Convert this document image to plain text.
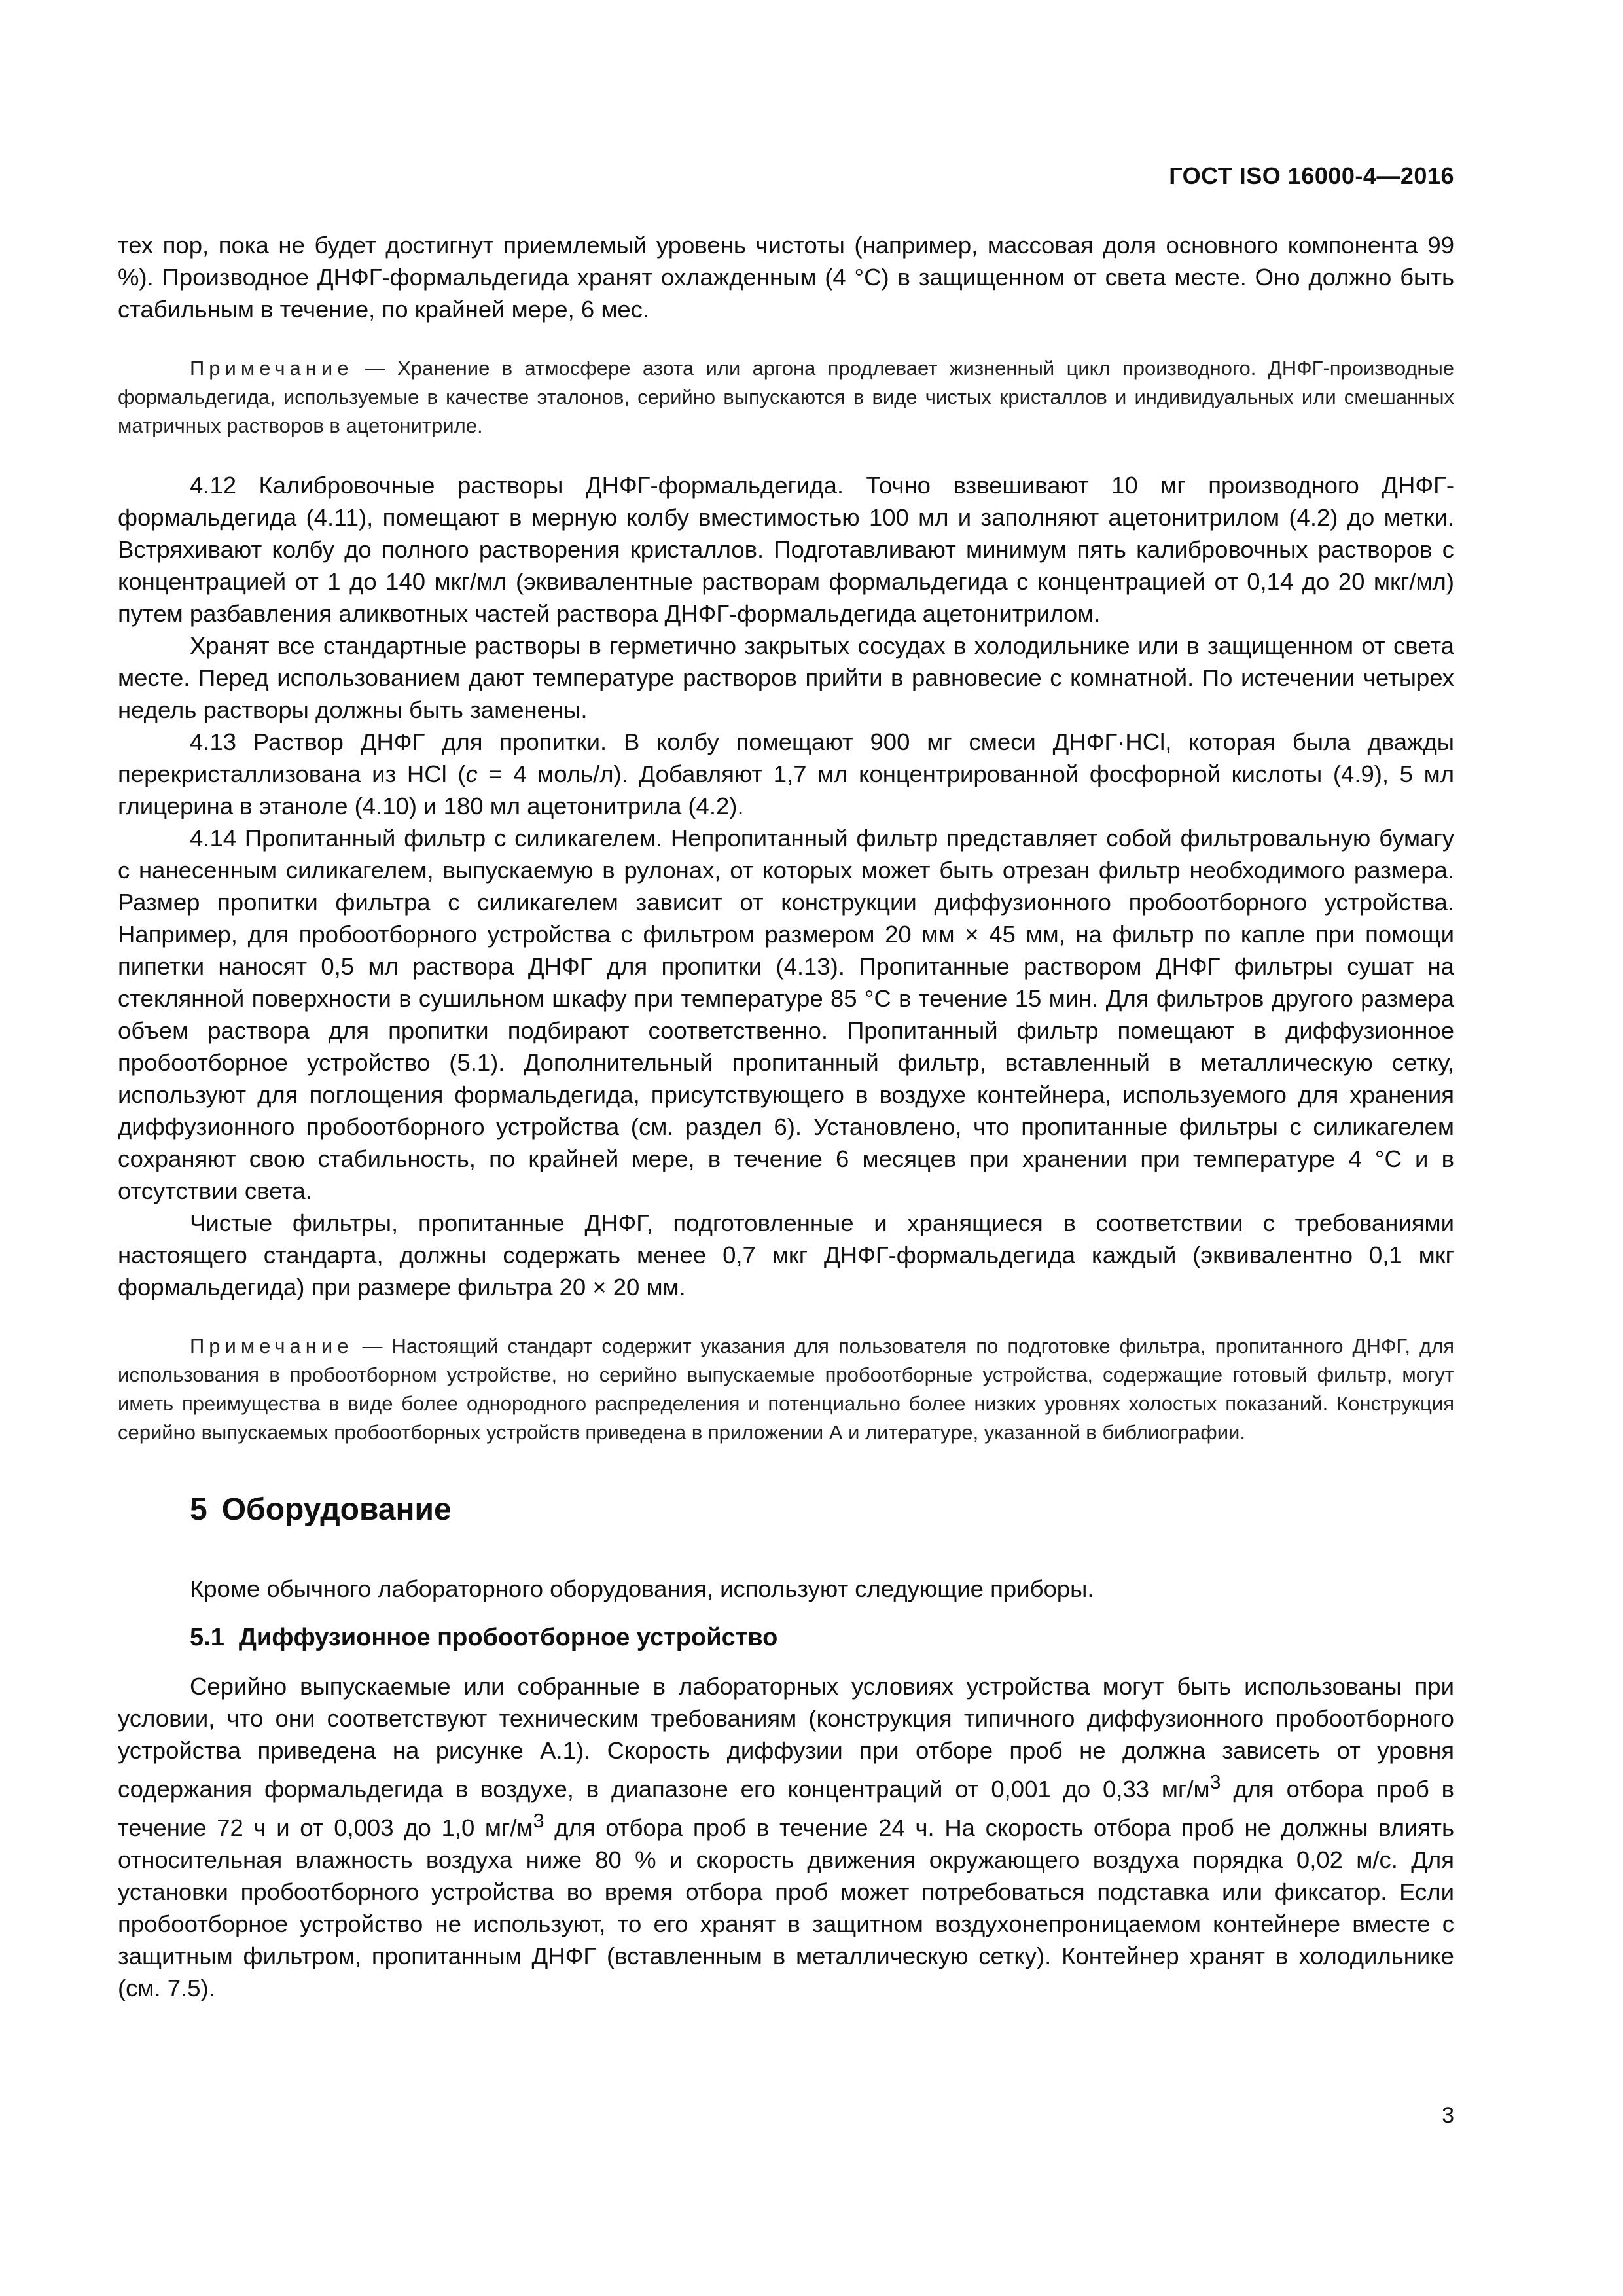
ГОСТ ISO 16000-4—2016

тех пор, пока не будет достигнут приемлемый уровень чистоты (например, массовая доля основного компонента 99 %). Производное ДНФГ-формальдегида хранят охлажденным (4 °С) в защищенном от света месте. Оно должно быть стабильным в течение, по крайней мере, 6 мес.

Примечание — Хранение в атмосфере азота или аргона продлевает жизненный цикл производного. ДНФГ-производные формальдегида, используемые в качестве эталонов, серийно выпускаются в виде чистых кристаллов и индивидуальных или смешанных матричных растворов в ацетонитриле.

4.12 Калибровочные растворы ДНФГ-формальдегида. Точно взвешивают 10 мг производного ДНФГ-формальдегида (4.11), помещают в мерную колбу вместимостью 100 мл и заполняют ацетонитрилом (4.2) до метки. Встряхивают колбу до полного растворения кристаллов. Подготавливают минимум пять калибровочных растворов с концентрацией от 1 до 140 мкг/мл (эквивалентные растворам формальдегида с концентрацией от 0,14 до 20 мкг/мл) путем разбавления аликвотных частей раствора ДНФГ-формальдегида ацетонитрилом.

Хранят все стандартные растворы в герметично закрытых сосудах в холодильнике или в защищенном от света месте. Перед использованием дают температуре растворов прийти в равновесие с комнатной. По истечении четырех недель растворы должны быть заменены.

4.13 Раствор ДНФГ для пропитки. В колбу помещают 900 мг смеси ДНФГ·HCl, которая была дважды перекристаллизована из HCl (с = 4 моль/л). Добавляют 1,7 мл концентрированной фосфорной кислоты (4.9), 5 мл глицерина в этаноле (4.10) и 180 мл ацетонитрила (4.2).

4.14 Пропитанный фильтр с силикагелем. Непропитанный фильтр представляет собой фильтровальную бумагу с нанесенным силикагелем, выпускаемую в рулонах, от которых может быть отрезан фильтр необходимого размера. Размер пропитки фильтра с силикагелем зависит от конструкции диффузионного пробоотборного устройства. Например, для пробоотборного устройства с фильтром размером 20 мм × 45 мм, на фильтр по капле при помощи пипетки наносят 0,5 мл раствора ДНФГ для пропитки (4.13). Пропитанные раствором ДНФГ фильтры сушат на стеклянной поверхности в сушильном шкафу при температуре 85 °С в течение 15 мин. Для фильтров другого размера объем раствора для пропитки подбирают соответственно. Пропитанный фильтр помещают в диффузионное пробоотборное устройство (5.1). Дополнительный пропитанный фильтр, вставленный в металлическую сетку, используют для поглощения формальдегида, присутствующего в воздухе контейнера, используемого для хранения диффузионного пробоотборного устройства (см. раздел 6). Установлено, что пропитанные фильтры с силикагелем сохраняют свою стабильность, по крайней мере, в течение 6 месяцев при хранении при температуре 4 °С и в отсутствии света.

Чистые фильтры, пропитанные ДНФГ, подготовленные и хранящиеся в соответствии с требованиями настоящего стандарта, должны содержать менее 0,7 мкг ДНФГ-формальдегида каждый (эквивалентно 0,1 мкг формальдегида) при размере фильтра 20 × 20 мм.

Примечание — Настоящий стандарт содержит указания для пользователя по подготовке фильтра, пропитанного ДНФГ, для использования в пробоотборном устройстве, но серийно выпускаемые пробоотборные устройства, содержащие готовый фильтр, могут иметь преимущества в виде более однородного распределения и потенциально более низких уровнях холостых показаний. Конструкция серийно выпускаемых пробоотборных устройств приведена в приложении А и литературе, указанной в библиографии.

5 Оборудование

Кроме обычного лабораторного оборудования, используют следующие приборы.

5.1 Диффузионное пробоотборное устройство

Серийно выпускаемые или собранные в лабораторных условиях устройства могут быть использованы при условии, что они соответствуют техническим требованиям (конструкция типичного диффузионного пробоотборного устройства приведена на рисунке А.1). Скорость диффузии при отборе проб не должна зависеть от уровня содержания формальдегида в воздухе, в диапазоне его концентраций от 0,001 до 0,33 $мг/м^3$ для отбора проб в течение 72 ч и от 0,003 до 1,0 $мг/м^3$ для отбора проб в течение 24 ч. На скорость отбора проб не должны влиять относительная влажность воздуха ниже 80 % и скорость движения окружающего воздуха порядка 0,02 м/с. Для установки пробоотборного устройства во время отбора проб может потребоваться подставка или фиксатор. Если пробоотборное устройство не используют, то его хранят в защитном воздухонепроницаемом контейнере вместе с защитным фильтром, пропитанным ДНФГ (вставленным в металлическую сетку). Контейнер хранят в холодильнике (см. 7.5).

3
